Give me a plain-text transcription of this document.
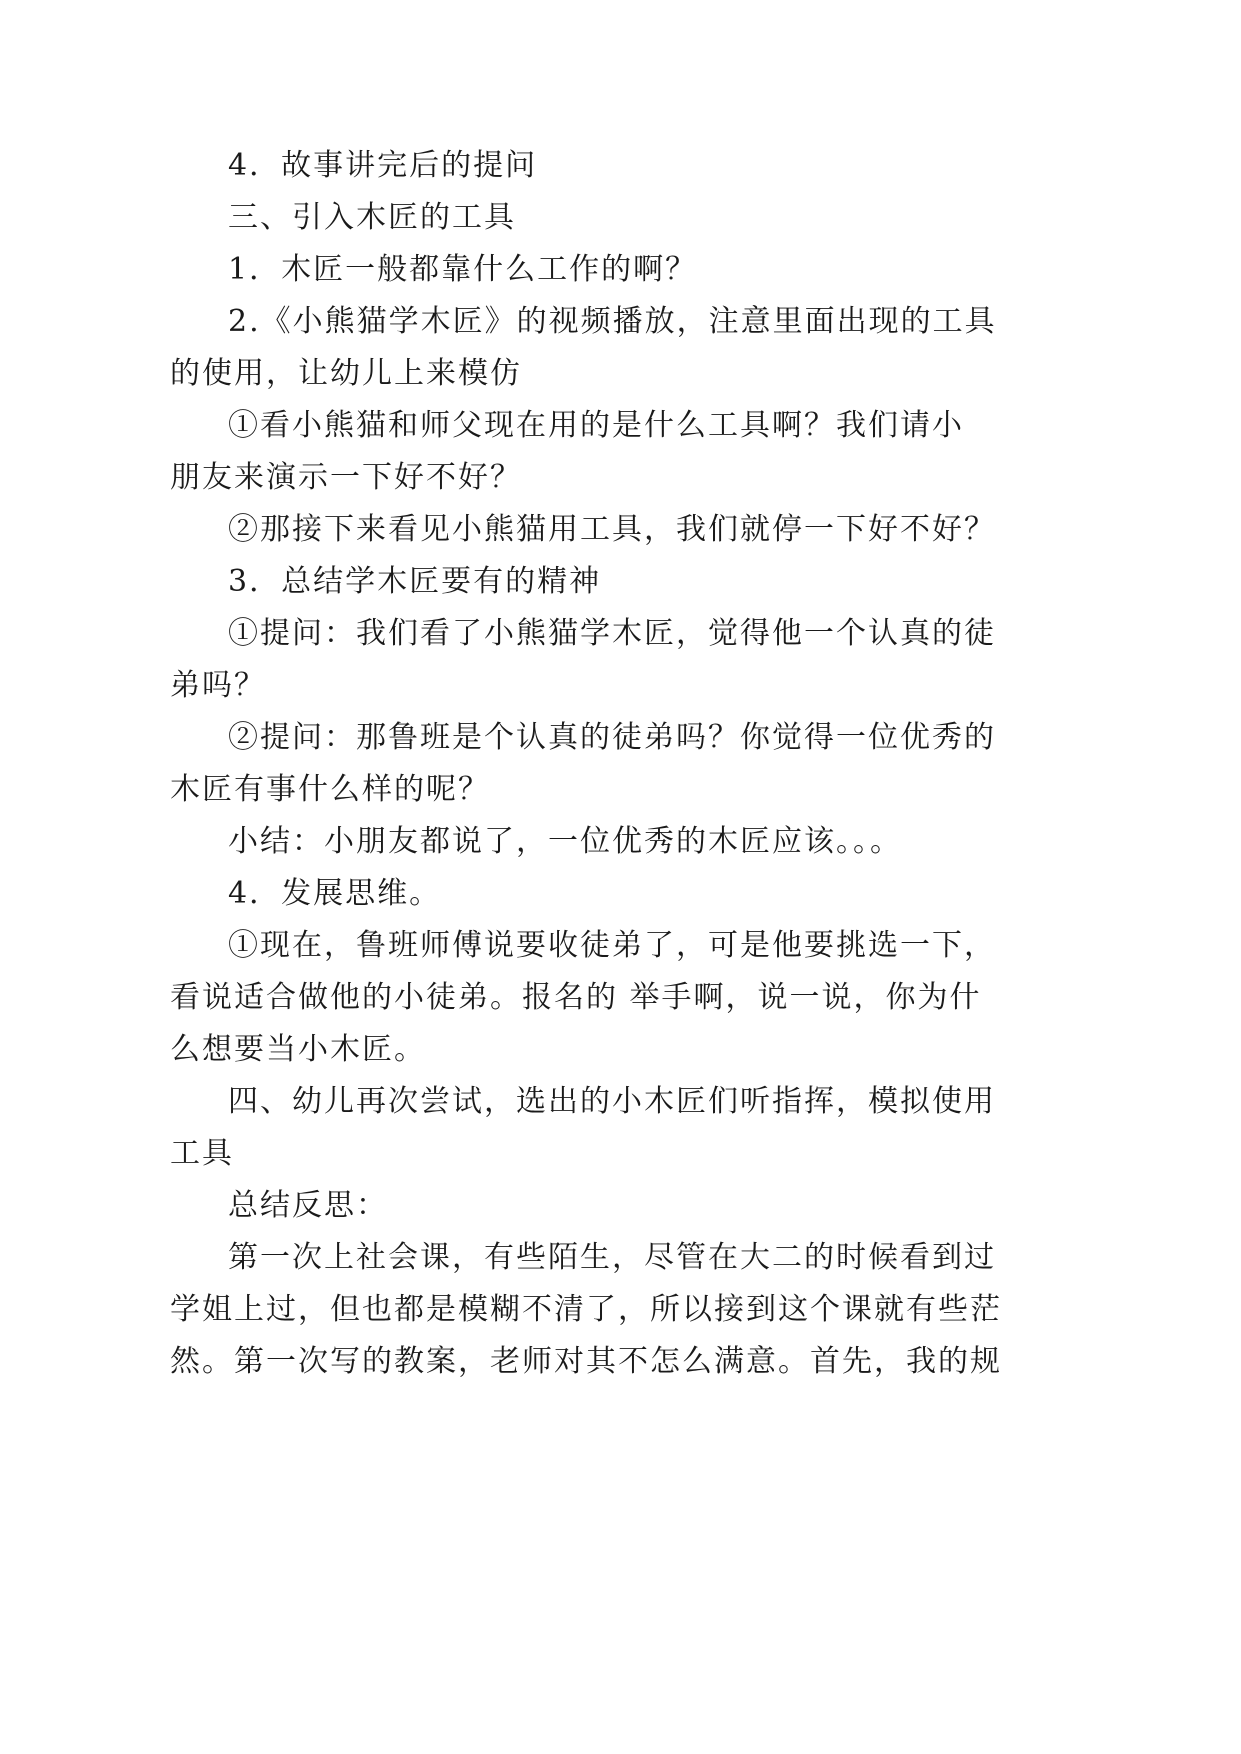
4．故事讲完后的提问
三、引入木匠的工具
1．木匠一般都靠什么工作的啊？
2.《小熊猫学木匠》的视频播放，注意里面出现的工具
的使用，让幼儿上来模仿
①看小熊猫和师父现在用的是什么工具啊？我们请小
朋友来演示一下好不好？
②那接下来看见小熊猫用工具，我们就停一下好不好？
3．总结学木匠要有的精神
①提问：我们看了小熊猫学木匠，觉得他一个认真的徒
弟吗？
②提问：那鲁班是个认真的徒弟吗？你觉得一位优秀的
木匠有事什么样的呢？
小结：小朋友都说了，一位优秀的木匠应该。。。
4．发展思维。
①现在，鲁班师傅说要收徒弟了，可是他要挑选一下，
看说适合做他的小徒弟。报名的 举手啊，说一说，你为什
么想要当小木匠。
四、幼儿再次尝试，选出的小木匠们听指挥，模拟使用
工具
总结反思：
第一次上社会课，有些陌生，尽管在大二的时候看到过
学姐上过，但也都是模糊不清了，所以接到这个课就有些茫
然。第一次写的教案，老师对其不怎么满意。首先，我的规
